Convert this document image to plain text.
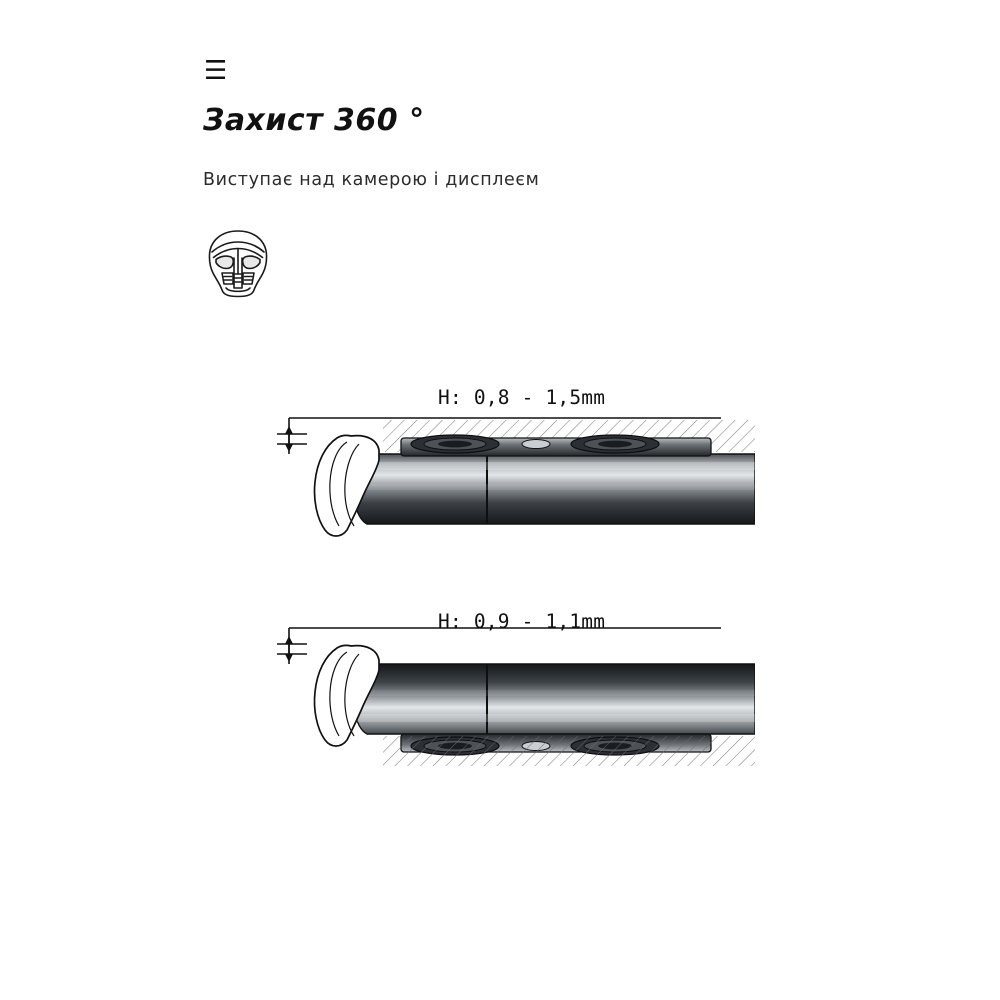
☰
Захист 360 °
Виступає над камерою і дисплеєм
H: 0,8 - 1,5mm
H: 0,9 - 1,1mm
